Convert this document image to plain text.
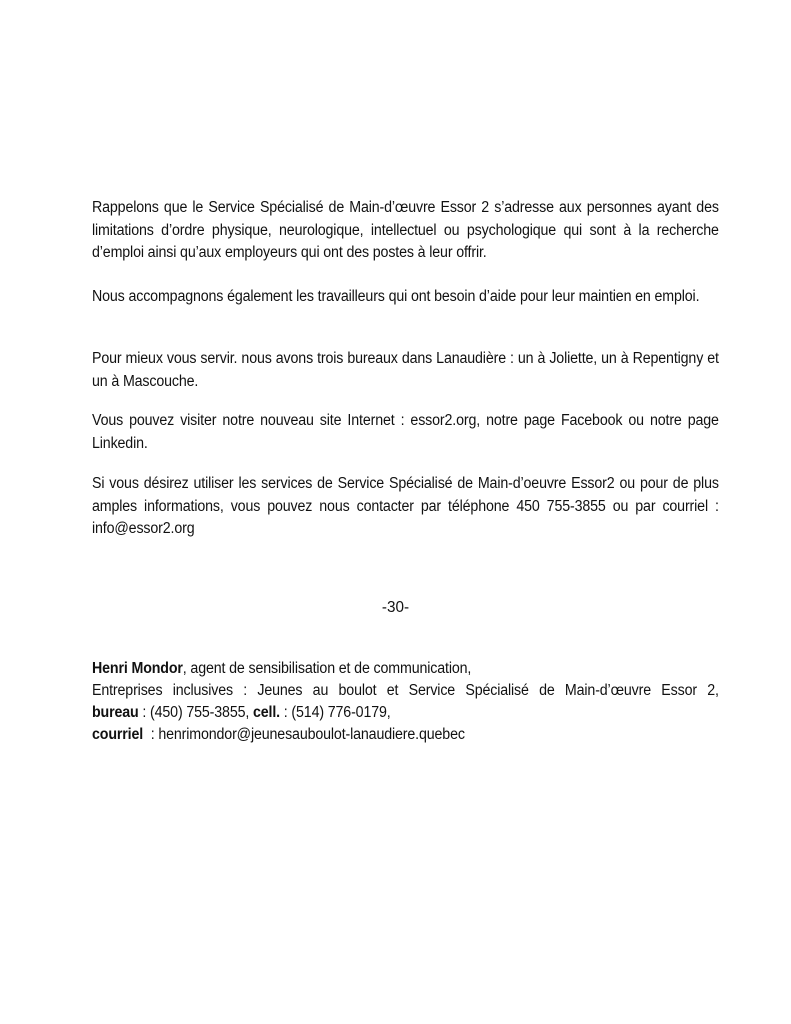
Rappelons que le Service Spécialisé de Main-d’œuvre Essor 2 s’adresse aux personnes ayant des limitations d’ordre physique, neurologique, intellectuel ou psychologique qui sont à la recherche d’emploi ainsi qu’aux employeurs qui ont des postes à leur offrir.

Nous accompagnons également les travailleurs qui ont besoin d’aide pour leur maintien en emploi.

Pour mieux vous servir. nous avons trois bureaux dans Lanaudière : un à Joliette, un à Repentigny et un à Mascouche.

Vous pouvez visiter notre nouveau site Internet : essor2.org, notre page Facebook ou notre page Linkedin.

Si vous désirez utiliser les services de Service Spécialisé de Main-d’oeuvre Essor2 ou pour de plus amples informations, vous pouvez nous contacter par téléphone 450 755-3855 ou par courriel : info@essor2.org

-30-
Henri Mondor, agent de sensibilisation et de communication,
Entreprises inclusives : Jeunes au boulot et Service Spécialisé de Main-d’œuvre Essor 2,
bureau : (450) 755-3855, cell. : (514) 776-0179,
courriel  : henrimondor@jeunesauboulot-lanaudiere.quebec
